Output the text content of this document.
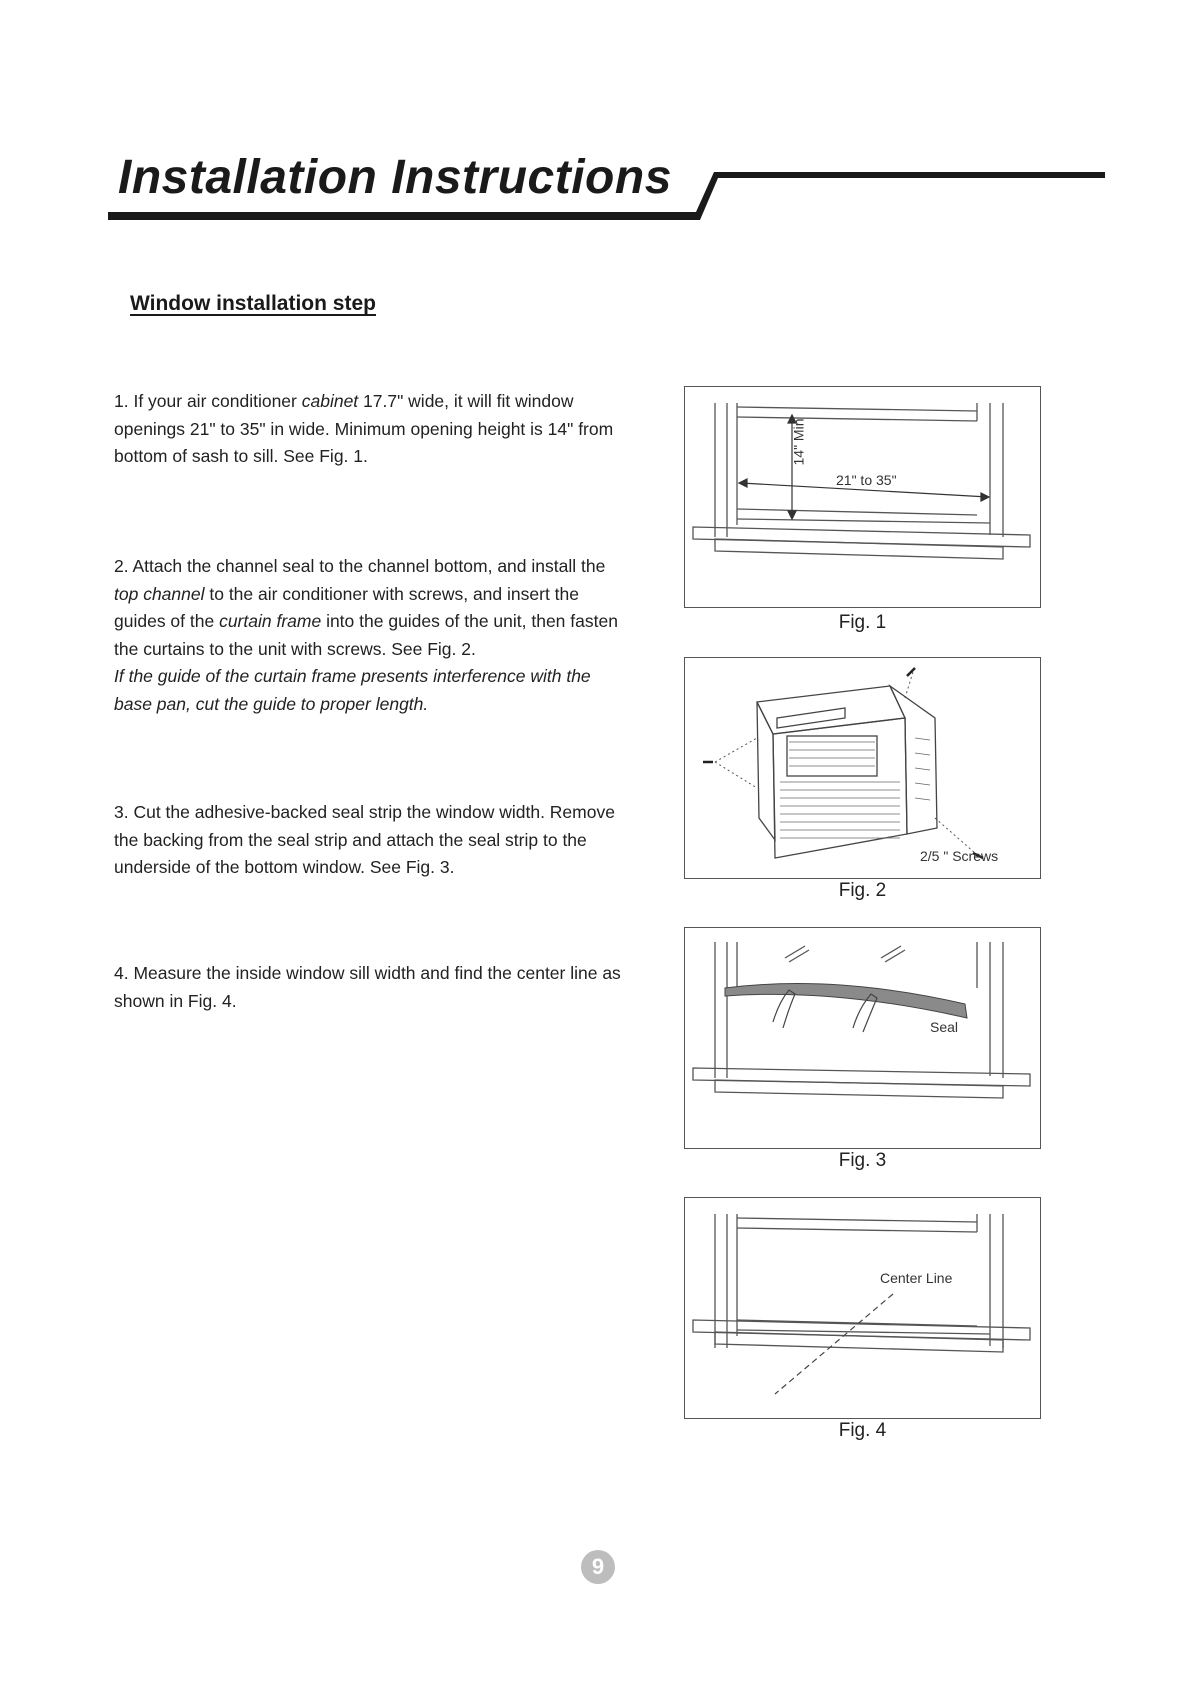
Installation Instructions
Window installation step

1. If your air conditioner cabinet 17.7" wide, it will fit window openings 21" to 35" in wide. Minimum opening height is 14" from bottom of sash to sill. See Fig. 1.

2. Attach the channel seal to the channel bottom, and install the top channel to the air conditioner with screws, and insert the guides of the curtain frame into the guides of the unit, then fasten the curtains to the unit with screws. See Fig. 2.
If the guide of the curtain frame presents interference with the base pan, cut the guide to proper length.

3. Cut the adhesive-backed seal strip the window width. Remove the backing from the seal strip and attach the seal strip to the underside of the bottom window. See Fig. 3.

4. Measure the inside window sill width and find the center line as shown in Fig. 4.

14" Min

21" to 35"

Fig. 1

2/5 " Screws

Fig. 2

Seal

Fig. 3

Center Line

Fig. 4

9
